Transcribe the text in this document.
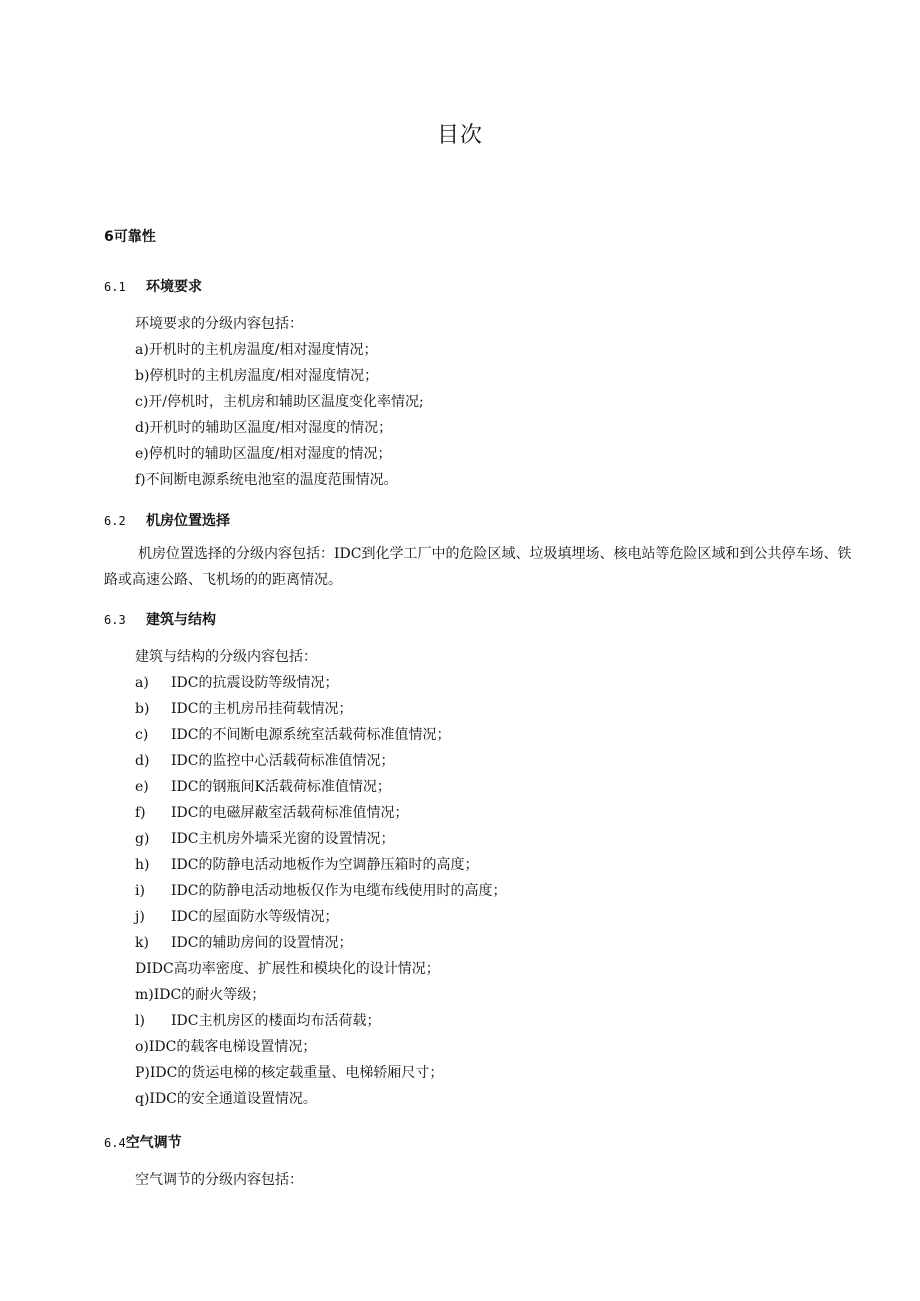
目次
6可靠性
6.1 环境要求
环境要求的分级内容包括：
a)开机时的主机房温度/相对湿度情况；
b)停机时的主机房温度/相对湿度情况；
c)开/停机时，主机房和辅助区温度变化率情况;
d)开机时的辅助区温度/相对湿度的情况；
e)停机时的辅助区温度/相对湿度的情况；
f)不间断电源系统电池室的温度范围情况。
6.2 机房位置选择
机房位置选择的分级内容包括：IDC到化学工厂中的危险区域、垃圾填埋场、核电站等危险区域和到公共停车场、铁路或高速公路、飞机场的的距离情况。
6.3 建筑与结构
建筑与结构的分级内容包括：
a) IDC的抗震设防等级情况；
b) IDC的主机房吊挂荷载情况；
c) IDC的不间断电源系统室活载荷标准值情况；
d) IDC的监控中心活载荷标准值情况；
e) IDC的钢瓶间K活载荷标准值情况；
f) IDC的电磁屏蔽室活载荷标准值情况；
g) IDC主机房外墙采光窗的设置情况；
h) IDC的防静电活动地板作为空调静压箱时的高度；
i) IDC的防静电活动地板仅作为电缆布线使用时的高度；
j) IDC的屋面防水等级情况；
k) IDC的辅助房间的设置情况；
DIDC高功率密度、扩展性和模块化的设计情况；
m)IDC的耐火等级；
l) IDC主机房区的楼面均布活荷载；
o)IDC的载客电梯设置情况；
P)IDC的货运电梯的核定载重量、电梯轿厢尺寸；
q)IDC的安全通道设置情况。
6.4空气调节
空气调节的分级内容包括：
